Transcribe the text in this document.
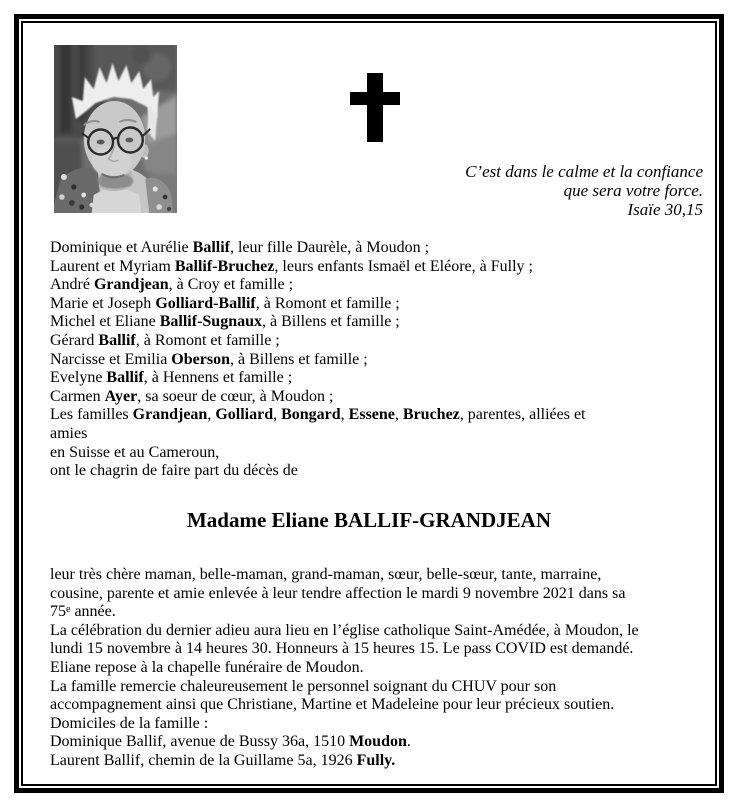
C’est dans le calme et la confiance
que sera votre force.
Isaïe 30,15
Dominique et Aurélie Ballif, leur fille Daurèle, à Moudon ;
Laurent et Myriam Ballif-Bruchez, leurs enfants Ismaël et Eléore, à Fully ;
André Grandjean, à Croy et famille ;
Marie et Joseph Golliard-Ballif, à Romont et famille ;
Michel et Eliane Ballif-Sugnaux, à Billens et famille ;
Gérard Ballif, à Romont et famille ;
Narcisse et Emilia Oberson, à Billens et famille ;
Evelyne Ballif, à Hennens et famille ;
Carmen Ayer, sa soeur de cœur, à Moudon ;
Les familles Grandjean, Golliard, Bongard, Essene, Bruchez, parentes, alliées et
amies
en Suisse et au Cameroun,
ont le chagrin de faire part du décès de
Madame Eliane BALLIF-GRANDJEAN
leur très chère maman, belle-maman, grand-maman, sœur, belle-sœur, tante, marraine,
cousine, parente et amie enlevée à leur tendre affection le mardi 9 novembre 2021 dans sa
75e année.
La célébration du dernier adieu aura lieu en l’église catholique Saint-Amédée, à Moudon, le
lundi 15 novembre à 14 heures 30. Honneurs à 15 heures 15. Le pass COVID est demandé.
Eliane repose à la chapelle funéraire de Moudon.
La famille remercie chaleureusement le personnel soignant du CHUV pour son
accompagnement ainsi que Christiane, Martine et Madeleine pour leur précieux soutien.
Domiciles de la famille :
Dominique Ballif, avenue de Bussy 36a, 1510 Moudon.
Laurent Ballif, chemin de la Guillame 5a, 1926 Fully.
